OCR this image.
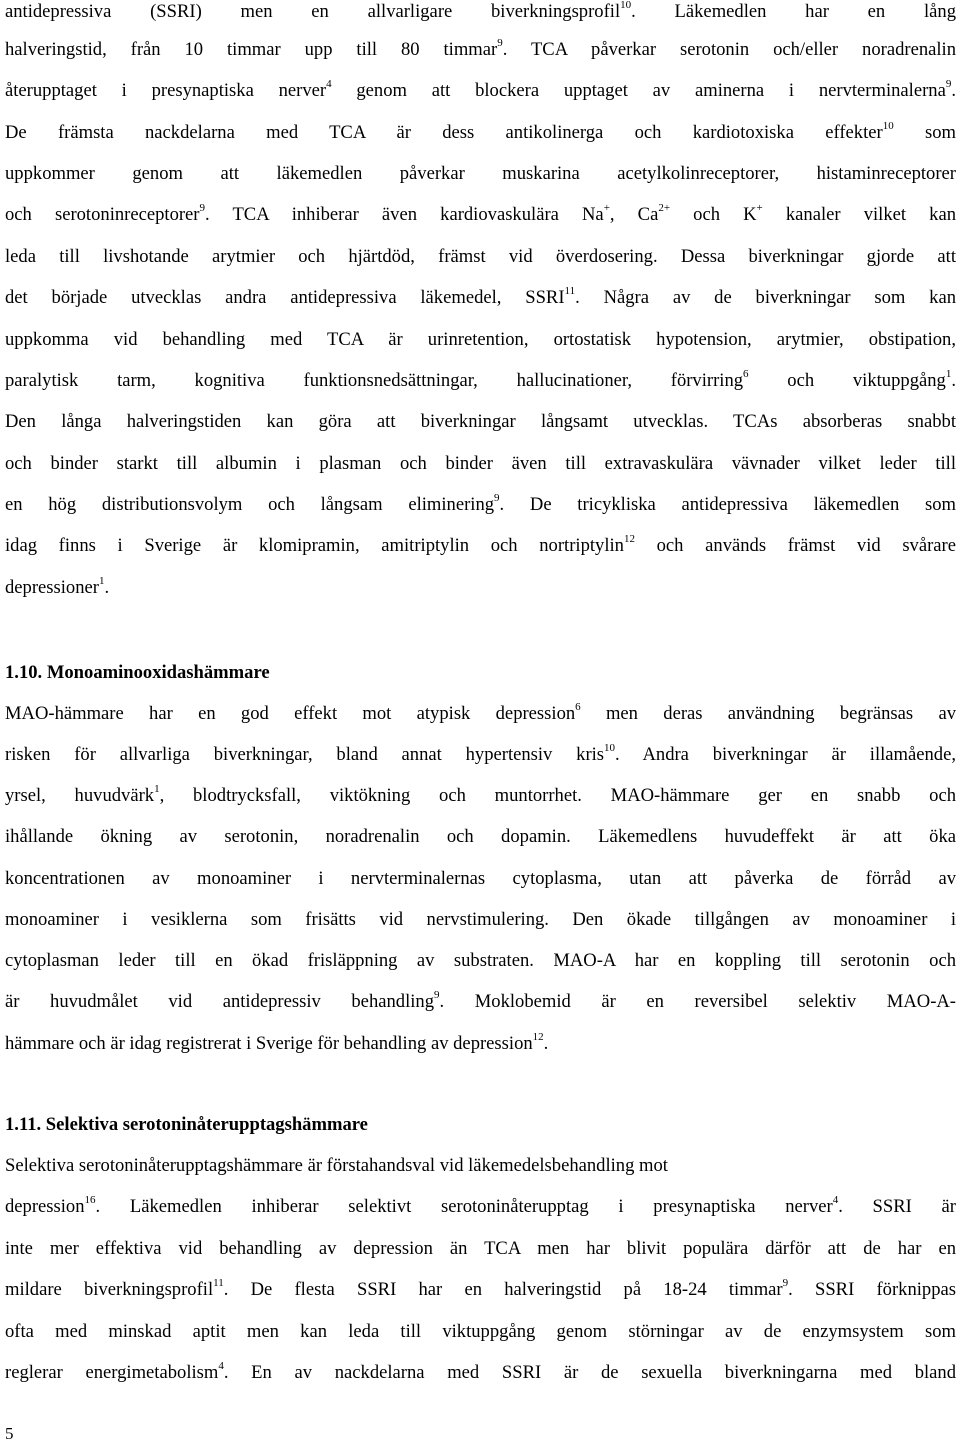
antidepressiva (SSRI) men en allvarligare biverkningsprofil$^{10}$. Läkemedlen har en lång
halveringstid, från 10 timmar upp till 80 timmar$^9$. TCA påverkar serotonin och/eller noradrenalin
återupptaget i presynaptiska nerver$^4$ genom att blockera upptaget av aminerna i nervterminalerna$^9$.
De främsta nackdelarna med TCA är dess antikolinerga och kardiotoxiska effekter$^{10}$ som
uppkommer genom att läkemedlen påverkar muskarina acetylkolinreceptorer, histaminreceptorer
och serotoninreceptorer$^9$. TCA inhiberar även kardiovaskulära Na+, $Ca^{2+}$ och K+ kanaler vilket kan
leda till livshotande arytmier och hjärtdöd, främst vid överdosering. Dessa biverkningar gjorde att
det började utvecklas andra antidepressiva läkemedel, SSRI$^{11}$. Några av de biverkningar som kan
uppkomma vid behandling med TCA är urinretention, ortostatisk hypotension, arytmier, obstipation,
paralytisk tarm, kognitiva funktionsnedsättningar, hallucinationer, förvirring$^6$ och viktuppgång$^1$.
Den långa halveringstiden kan göra att biverkningar långsamt utvecklas. TCAs absorberas snabbt
och binder starkt till albumin i plasman och binder även till extravaskulära vävnader vilket leder till
en hög distributionsvolym och långsam eliminering$^9$. De tricykliska antidepressiva läkemedlen som
idag finns i Sverige är klomipramin, amitriptylin och nortriptylin$^{12}$ och används främst vid svårare
depressioner$^1$.
1.10. Monoaminooxidashämmare
MAO-hämmare har en god effekt mot atypisk depression$^6$ men deras användning begränsas av
risken för allvarliga biverkningar, bland annat hypertensiv kris$^{10}$. Andra biverkningar är illamående,
yrsel, huvudvärk$^1$, blodtrycksfall, viktökning och muntorrhet. MAO-hämmare ger en snabb och
ihållande ökning av serotonin, noradrenalin och dopamin. Läkemedlens huvudeffekt är att öka
koncentrationen av monoaminer i nervterminalernas cytoplasma, utan att påverka de förråd av
monoaminer i vesiklerna som frisätts vid nervstimulering. Den ökade tillgången av monoaminer i
cytoplasman leder till en ökad frisläppning av substraten. MAO-A har en koppling till serotonin och
är huvudmålet vid antidepressiv behandling$^9$. Moklobemid är en reversibel selektiv MAO-A-
hämmare och är idag registrerat i Sverige för behandling av depression$^{12}$.
1.11. Selektiva serotoninåterupptagshämmare
Selektiva serotoninåterupptagshämmare är förstahandsval vid läkemedelsbehandling mot
depression$^{16}$. Läkemedlen inhiberar selektivt serotoninåterupptag i presynaptiska nerver$^4$. SSRI är
inte mer effektiva vid behandling av depression än TCA men har blivit populära därför att de har en
mildare biverkningsprofil$^{11}$. De flesta SSRI har en halveringstid på 18-24 timmar$^9$. SSRI förknippas
ofta med minskad aptit men kan leda till viktuppgång genom störningar av de enzymsystem som
reglerar energimetabolism$^4$. En av nackdelarna med SSRI är de sexuella biverkningarna med bland
5
